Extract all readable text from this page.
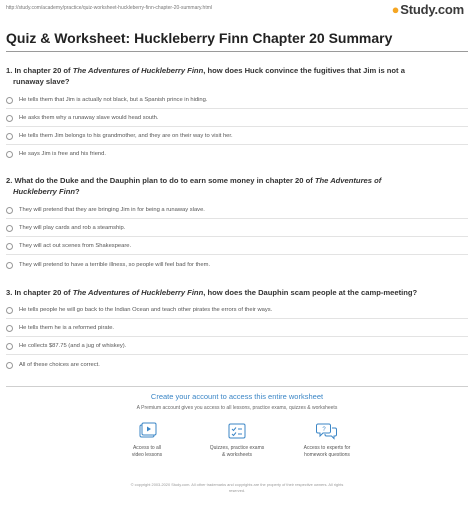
http://study.com/academy/practice/quiz-worksheet-huckleberry-finn-chapter-20-summary.html	● Study.com
Quiz & Worksheet: Huckleberry Finn Chapter 20 Summary
1. In chapter 20 of The Adventures of Huckleberry Finn, how does Huck convince the fugitives that Jim is not a
runaway slave?
He tells them that Jim is actually not black, but a Spanish prince in hiding.
He asks them why a runaway slave would head south.
He tells them Jim belongs to his grandmother, and they are on their way to visit her.
He says Jim is free and his friend.
2. What do the Duke and the Dauphin plan to do to earn some money in chapter 20 of The Adventures of
Huckleberry Finn?
They will pretend that they are bringing Jim in for being a runaway slave.
They will play cards and rob a steamship.
They will act out scenes from Shakespeare.
They will pretend to have a terrible illness, so people will feel bad for them.
3. In chapter 20 of The Adventures of Huckleberry Finn, how does the Dauphin scam people at the camp-meeting?
He tells people he will go back to the Indian Ocean and teach other pirates the errors of their ways.
He tells them he is a reformed pirate.
He collects $87.75 (and a jug of whiskey).
All of these choices are correct.
Create your account to access this entire worksheet
A Premium account gives you access to all lessons, practice exams, quizzes & worksheets
Access to all
video lessons
Quizzes, practice exams
& worksheets
?
Access to experts for
homework questions
© copyright 2003-2020 Study.com. All other trademarks and copyrights are the property of their respective owners. All rights
reserved.
